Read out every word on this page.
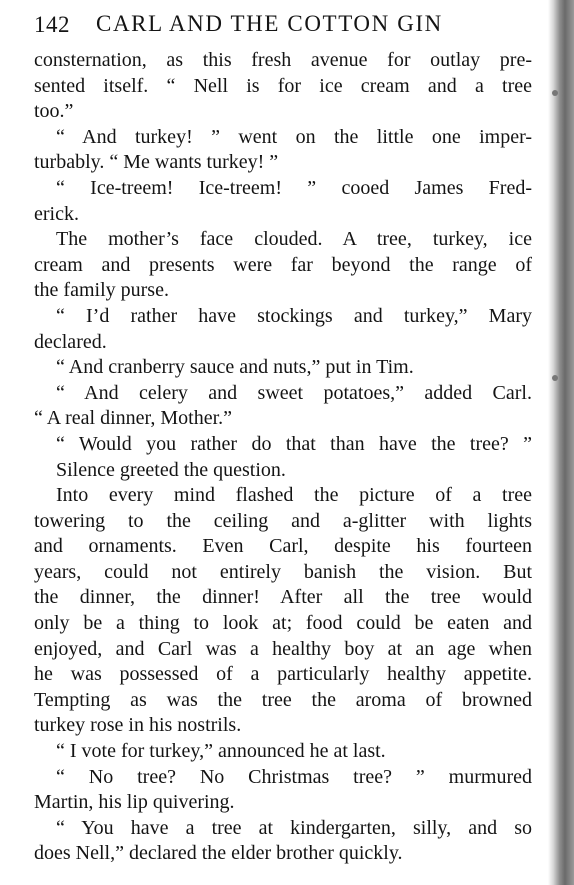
142 CARL AND THE COTTON GIN
consternation, as this fresh avenue for outlay pre-
sented itself. “ Nell is for ice cream and a tree
too.”
“ And turkey! ” went on the little one imper-
turbably. “ Me wants turkey! ”
“ Ice-treem! Ice-treem! ” cooed James Fred-
erick.
The mother’s face clouded. A tree, turkey, ice
cream and presents were far beyond the range of
the family purse.
“ I’d rather have stockings and turkey,” Mary
declared.
“ And cranberry sauce and nuts,” put in Tim.
“ And celery and sweet potatoes,” added Carl.
“ A real dinner, Mother.”
“ Would you rather do that than have the tree? ”
Silence greeted the question.
Into every mind flashed the picture of a tree
towering to the ceiling and a-glitter with lights
and ornaments. Even Carl, despite his fourteen
years, could not entirely banish the vision. But
the dinner, the dinner! After all the tree would
only be a thing to look at; food could be eaten and
enjoyed, and Carl was a healthy boy at an age when
he was possessed of a particularly healthy appetite.
Tempting as was the tree the aroma of browned
turkey rose in his nostrils.
“ I vote for turkey,” announced he at last.
“ No tree? No Christmas tree? ” murmured
Martin, his lip quivering.
“ You have a tree at kindergarten, silly, and so
does Nell,” declared the elder brother quickly.
